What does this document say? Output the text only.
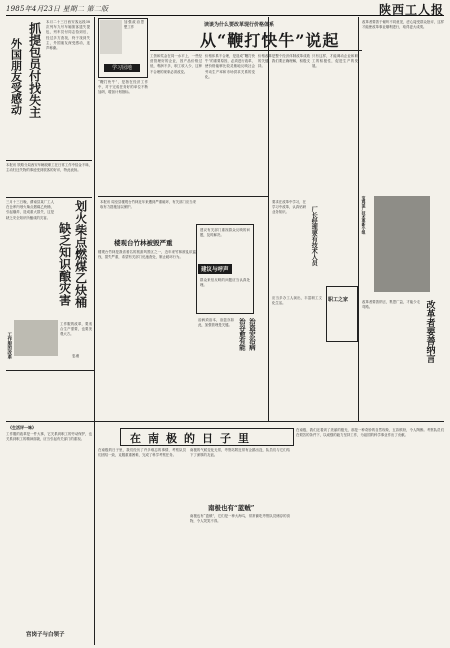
1985年4月23日 星期二 第二版	陕西工人报
抓提包员付找失主
外国朋友受感动
本月二十三日西安客运段38次列车九号车厢旅客遗失提包，列车员付同志拾到后，经过多方查找，终于找到失主，外国朋友深受感动，连声称谢。
本报讯 铁路分局西安车辆段职工在日常工作中拾金不昧，主动归还失物的事迹受到旅客的好评，特此表扬。
划火柴点燃煤乙炔桶
缺乏知识酿灾害
三月十三日晚，渭南县某厂工人在仓库内划火柴点燃煤乙炔桶，引起爆炸，造成重大损失，这是缺乏安全知识所酿成的灾害。
工作服的改革	忠甫
工作服的改革，要适合生产需要，也要美观大方。
加强政治思想工作
学习园地
读谈为什么要改革现行价格体系
从“鞭打快牛”说起
“鞭打快牛”，是指在经济工作中，对于完成任务好的单位不断加码，增加计划指标。
工资和奖金在同一水平上，一些经营管理好的企业，因产品价格过低，利润不多，职工收入少，这种不合理的现象必须改变。
价格体系不合理，是造成“鞭打快牛”的重要原因，必须进行改革，使价格能够比较灵敏地反映社会劳动生产率和市场供求关系的变化。
价格改革是整个经济体制改革成败的关键，我们要正确理解，积极支持。
只有这样，才能调动企业和职工的积极性，促进生产的发展。
本报讯 周至县楼观台竹林近年来遭到严重破坏，有关部门应当采取有力措施加以保护。
楼观台竹林被毁严重
楼观台竹林是我省著名的旅游风景区之一，近年来竹林被乱砍滥伐，损失严重，希望有关部门迅速查处，制止破坏行为。
建议与呼声
建议有关部门重视群众反映的问题，及时解决。
群众来信反映的问题应当认真处理。
治盗宏治病
治谷愈有能
治病须治本，治盗亦如此，加强管理是关键。
要求在改革中学习，在学习中改革，认真钻研业务知识。	厂长经理要有技术人员
职工之家
应当多办工人演出，丰富职工文化生活。
改革者要善于倾听不同意见，虚心接受群众批评，这样才能使改革事业顺利进行，取得更大成绩。
宝鸡某厂技术革新小组
改革者要善纳言
改革者要善纳言，集思广益，才能少走弯路。
《生活评一味》
工作服的改革是一件大事，它关系到职工的劳动保护，也关系到职工的精神面貌，应当引起有关部门的重视。
宫岗子与白领子
在南极的日子里
在南极的日子里，我们经历了许多难忘的事情，考察队员们团结一致，克服重重困难，完成了科学考察任务。
南极的气候变化无常，考察站附近常有企鹅出没，队员们与它们结下了深厚的友谊。
南极也有“蓝贼”
南极也有“盗贼”，它们是一种大海鸟，常常偷吃考察队员储存的食物，令人哭笑不得。
在南极，我们还看到了美丽的极光，那是一种奇妙的自然现象，五彩缤纷，令人陶醉。考察队员们在艰苦的条件下，以顽强的毅力坚持工作，为祖国的科学事业作出了贡献。
